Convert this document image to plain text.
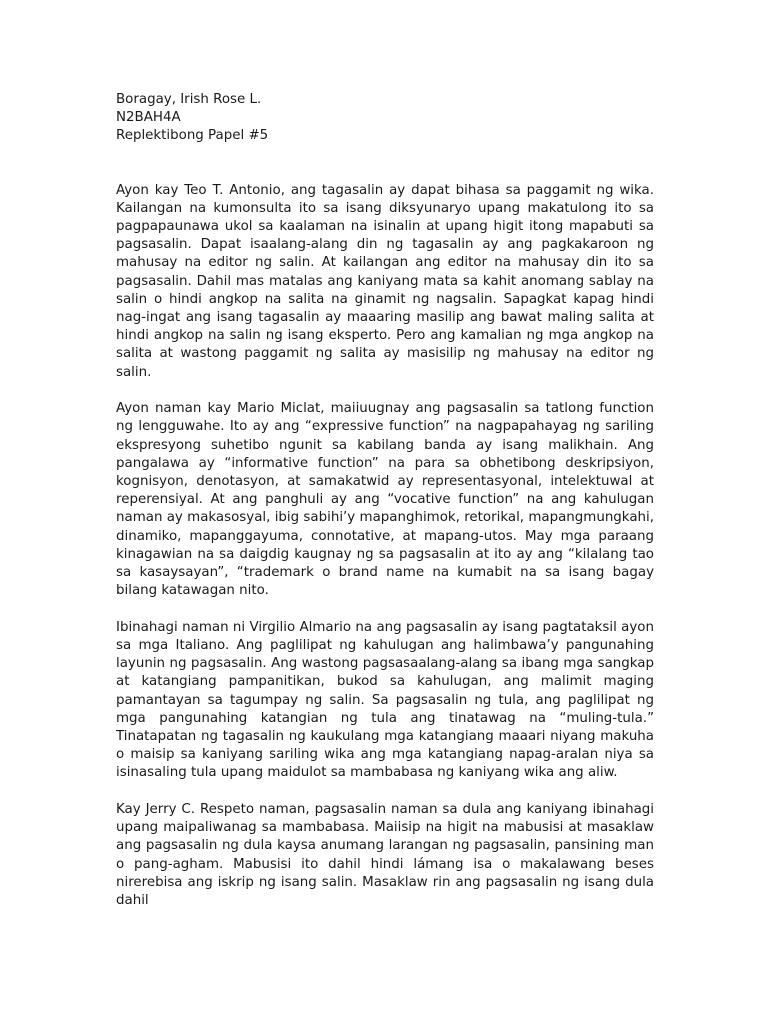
Boragay, Irish Rose L.

N2BAH4A

Replektibong Papel #5

Ayon kay Teo T. Antonio, ang tagasalin ay dapat bihasa sa paggamit ng wika. Kailangan na kumonsulta ito sa isang diksyunaryo upang makatulong ito sa pagpapaunawa ukol sa kaalaman na isinalin at upang higit itong mapabuti sa pagsasalin. Dapat isaalang-alang din ng tagasalin ay ang pagkakaroon ng mahusay na editor ng salin. At kailangan ang editor na mahusay din ito sa pagsasalin. Dahil mas matalas ang kaniyang mata sa kahit anomang sablay na salin o hindi angkop na salita na ginamit ng nagsalin. Sapagkat kapag hindi nag-ingat ang isang tagasalin ay maaaring masilip ang bawat maling salita at hindi angkop na salin ng isang eksperto. Pero ang kamalian ng mga angkop na salita at wastong paggamit ng salita ay masisilip ng mahusay na editor ng salin.

Ayon naman kay Mario Miclat, maiiuugnay ang pagsasalin sa tatlong function ng lengguwahe. Ito ay ang “expressive function” na nagpapahayag ng sariling ekspresyong suhetibo ngunit sa kabilang banda ay isang malikhain. Ang pangalawa ay “informative function” na para sa obhetibong deskripsiyon, kognisyon, denotasyon, at samakatwid ay representasyonal, intelektuwal at reperensiyal. At ang panghuli ay ang “vocative function” na ang kahulugan naman ay makasosyal, ibig sabihi’y mapanghimok, retorikal, mapangmungkahi, dinamiko, mapanggayuma, connotative, at mapang-utos. May mga paraang kinagawian na sa daigdig kaugnay ng sa pagsasalin at ito ay ang “kilalang tao sa kasaysayan”, “trademark o brand name na kumabit na sa isang bagay bilang katawagan nito.

Ibinahagi naman ni Virgilio Almario na ang pagsasalin ay isang pagtataksil ayon sa mga Italiano. Ang paglilipat ng kahulugan ang halimbawa’y pangunahing layunin ng pagsasalin. Ang wastong pagsasaalang-alang sa ibang mga sangkap at katangiang pampanitikan, bukod sa kahulugan, ang malimit maging pamantayan sa tagumpay ng salin. Sa pagsasalin ng tula, ang paglilipat ng mga pangunahing katangian ng tula ang tinatawag na “muling-tula.” Tinatapatan ng tagasalin ng kaukulang mga katangiang maaari niyang makuha o maisip sa kaniyang sariling wika ang mga katangiang napag-aralan niya sa isinasaling tula upang maidulot sa mambabasa ng kaniyang wika ang aliw.

Kay Jerry C. Respeto naman, pagsasalin naman sa dula ang kaniyang ibinahagi upang maipaliwanag sa mambabasa. Maiisip na higit na mabusisi at masaklaw ang pagsasalin ng dula kaysa anumang larangan ng pagsasalin, pansining man o pang-agham. Mabusisi ito dahil hindi lámang isa o makalawang beses nirerebisa ang iskrip ng isang salin. Masaklaw rin ang pagsasalin ng isang dula dahil
